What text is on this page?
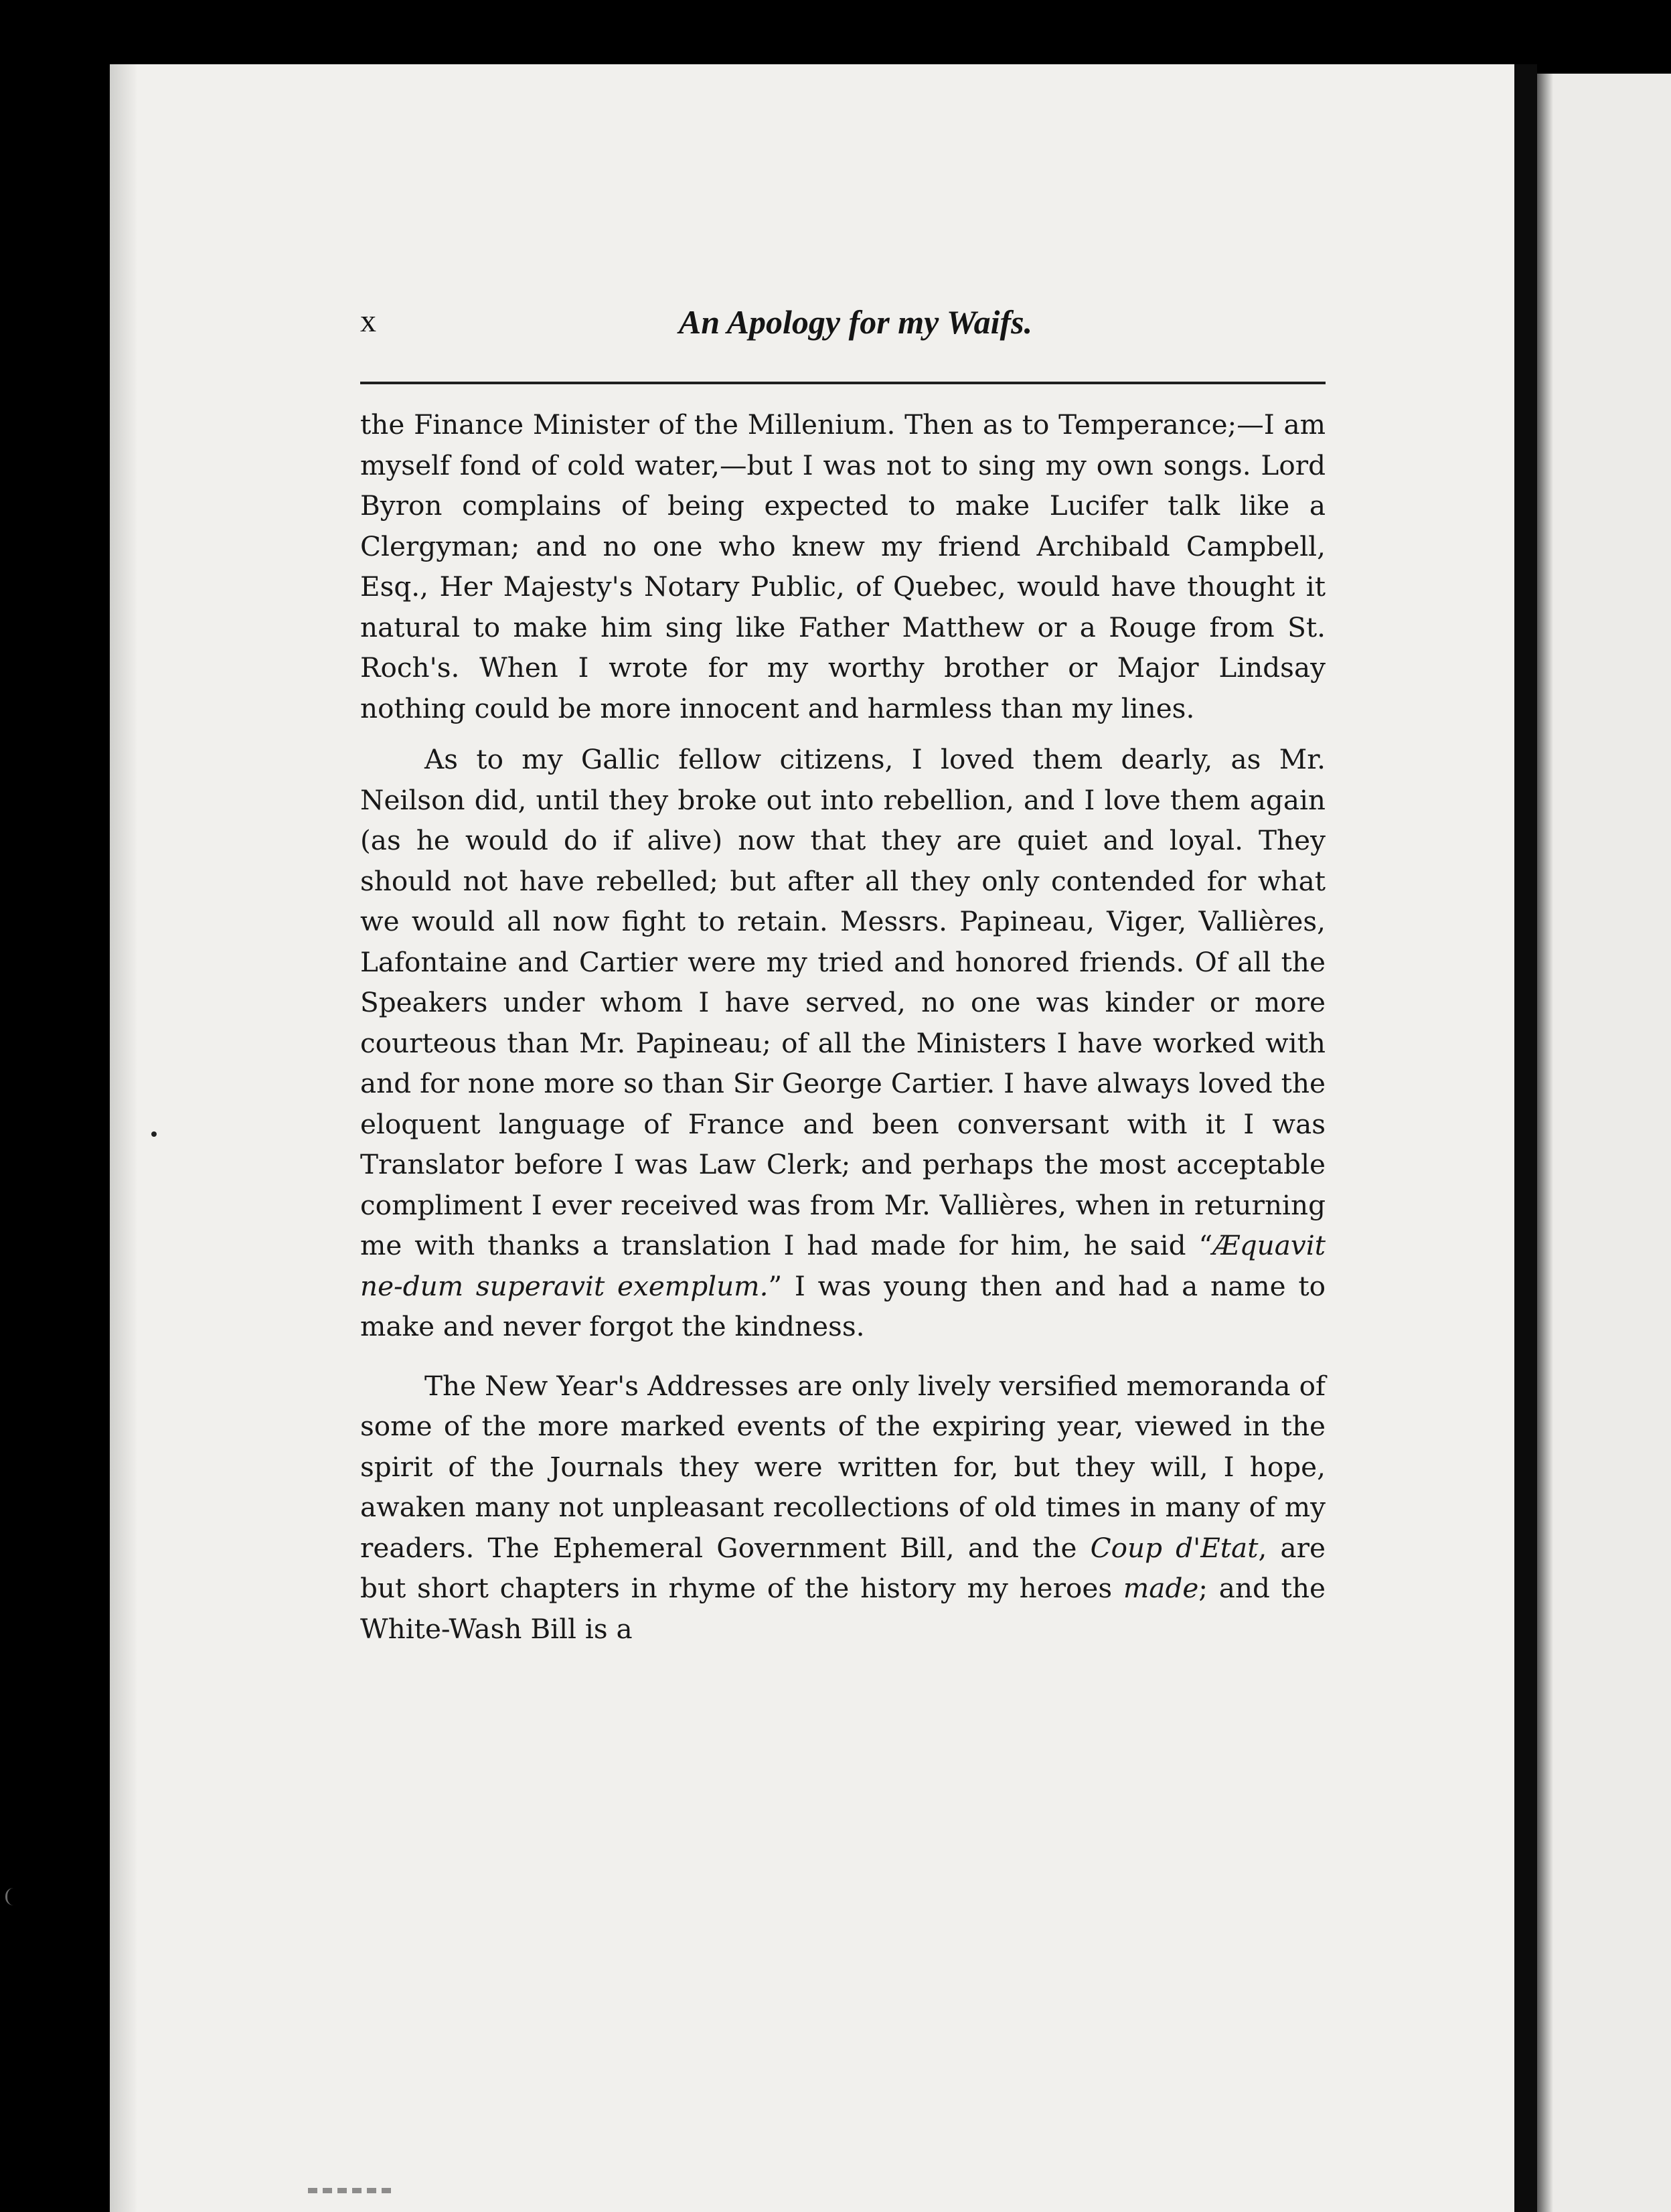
x	An Apology for my Waifs.

the Finance Minister of the Millenium. Then as to Temperance;—I am myself fond of cold water,—but I was not to sing my own songs. Lord Byron complains of being expected to make Lucifer talk like a Clergyman; and no one who knew my friend Archibald Campbell, Esq., Her Majesty's Notary Public, of Quebec, would have thought it natural to make him sing like Father Matthew or a Rouge from St. Roch's. When I wrote for my worthy brother or Major Lindsay nothing could be more innocent and harmless than my lines.

As to my Gallic fellow citizens, I loved them dearly, as Mr. Neilson did, until they broke out into rebellion, and I love them again (as he would do if alive) now that they are quiet and loyal. They should not have rebelled; but after all they only contended for what we would all now fight to retain. Messrs. Papineau, Viger, Vallières, Lafontaine and Cartier were my tried and honored friends. Of all the Speakers under whom I have served, no one was kinder or more courteous than Mr. Papineau; of all the Ministers I have worked with and for none more so than Sir George Cartier. I have always loved the eloquent language of France and been conversant with it I was Translator before I was Law Clerk; and perhaps the most acceptable compliment I ever received was from Mr. Vallières, when in returning me with thanks a translation I had made for him, he said “Æquavit ne-dum superavit exemplum.” I was young then and had a name to make and never forgot the kindness.

The New Year's Addresses are only lively versified memoranda of some of the more marked events of the expiring year, viewed in the spirit of the Journals they were written for, but they will, I hope, awaken many not unpleasant recollections of old times in many of my readers. The Ephemeral Government Bill, and the Coup d'Etat, are but short chapters in rhyme of the history my heroes made; and the White-Wash Bill is a
